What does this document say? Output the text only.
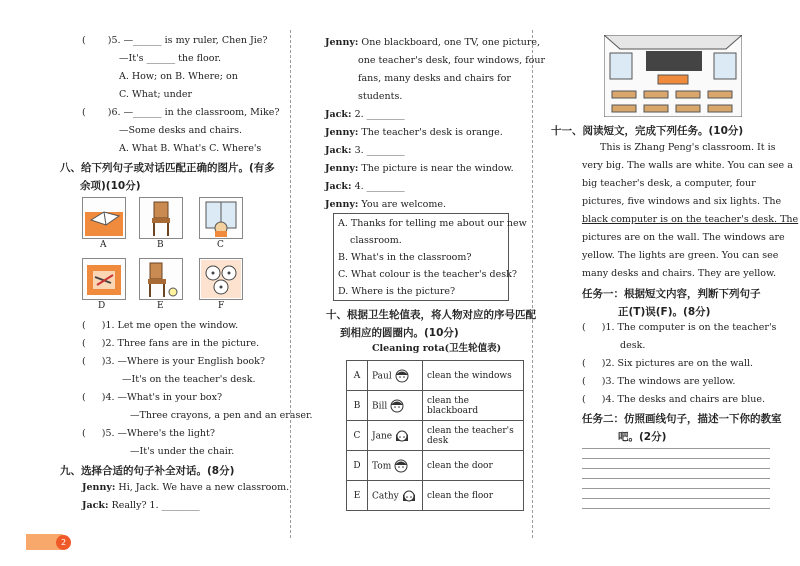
( )5. —______ is my ruler, Chen Jie?
—It's ______ the floor.
A. How; on B. Where; on
C. What; under
( )6. —______ in the classroom, Mike?
—Some desks and chairs.
A. What B. What's C. Where's
八、给下列句子或对话匹配正确的图片。(有多
余项)(10分)
A	B	C
D	E	F
( )1. Let me open the window.
( )2. Three fans are in the picture.
( )3. —Where is your English book?
—It's on the teacher's desk.
( )4. —What's in your box?
—Three crayons, a pen and an eraser.
( )5. —Where's the light?
—It's under the chair.
九、选择合适的句子补全对话。(8分)
Jenny: Hi, Jack. We have a new classroom.
Jack: Really? 1. ________
2
Jenny: One blackboard, one TV, one picture,
one teacher's desk, four windows, four
fans, many desks and chairs for
students.
Jack: 2. ________
Jenny: The teacher's desk is orange.
Jack: 3. ________
Jenny: The picture is near the window.
Jack: 4. ________
Jenny: You are welcome.
A. Thanks for telling me about our new
classroom.
B. What's in the classroom?
C. What colour is the teacher's desk?
D. Where is the picture?
十、根据卫生轮值表，将人物对应的序号匹配
到相应的圆圈内。(10分)
Cleaning rota(卫生轮值表)
A	Paul	clean the windows
B	Bill	clean the blackboard
C	Jane	clean the teacher's desk
D	Tom	clean the door
E	Cathy	clean the floor
十一、阅读短文，完成下列任务。(10分)
This is Zhang Peng's classroom. It is
very big. The walls are white. You can see a
big teacher's desk, a computer, four
pictures, five windows and six lights. The
black computer is on the teacher's desk. The
pictures are on the wall. The windows are
yellow. The lights are green. You can see
many desks and chairs. They are yellow.
任务一：根据短文内容，判断下列句子
正(T)误(F)。(8分)
( )1. The computer is on the teacher's
desk.
( )2. Six pictures are on the wall.
( )3. The windows are yellow.
( )4. The desks and chairs are blue.
任务二：仿照画线句子，描述一下你的教室
吧。(2分)
